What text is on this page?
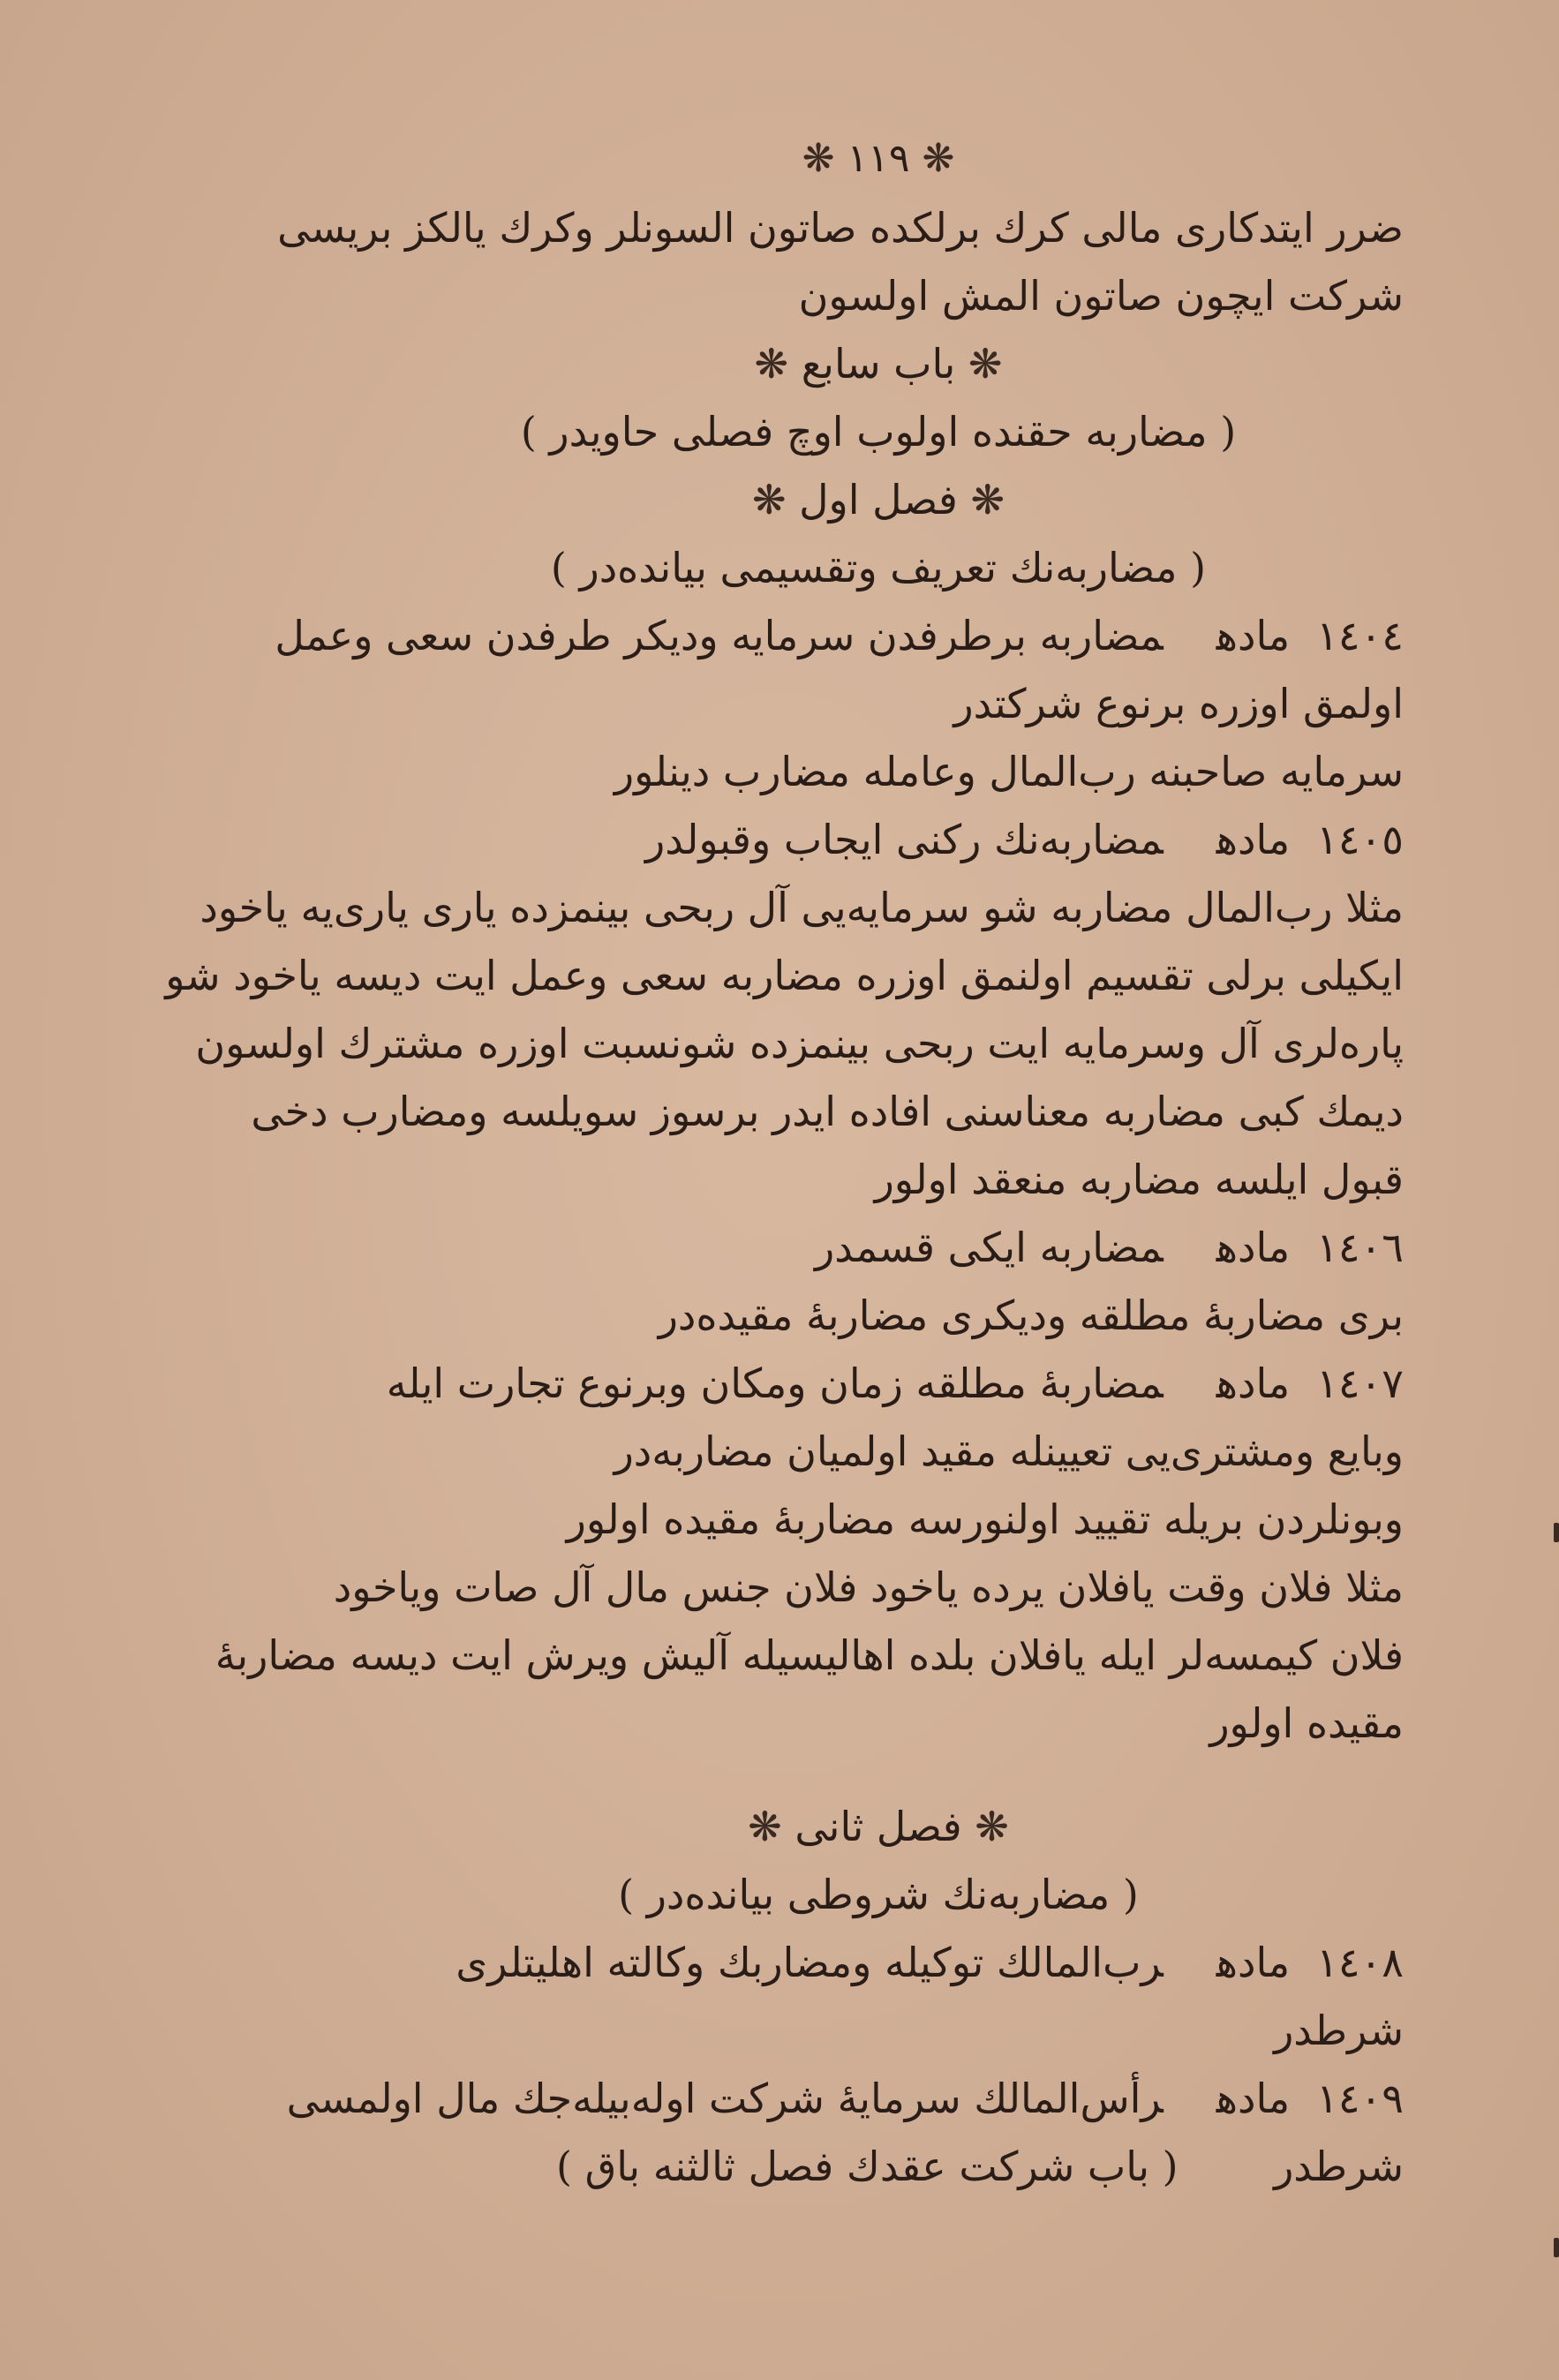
❋ ۱۱۹ ❋
ضرر ایتدكاری مالی كرك برلكده صاتون السونلر وكرك يالكز بريسی
شركت ايچون صاتون المش اولسون
❋ باب سابع ❋
( مضاربه حقنده اولوب اوچ فصلی حاويدر )
❋ فصل اول ❋
( مضاربه‌نك تعريف وتقسيمی بيانده‌در )
۱٤۰٤مادهمضاربه برطرفدن سرمايه وديكر طرفدن سعی وعمل
اولمق اوزره برنوع شركتدر
سرمايه صاحبنه رب‌المال وعامله مضارب دينلور
۱٤۰٥مادهمضاربه‌نك ركنی ايجاب وقبولدر
مثلا رب‌المال مضاربه شو سرمايه‌يی آل ربحی بينمزده ياری ياری‌يه ياخود
ايكيلی برلی تقسيم اولنمق اوزره مضاربه سعی وعمل ايت ديسه ياخود شو
پاره‌لری آل وسرمايه ايت ربحی بينمزده شونسبت اوزره مشترك اولسون
ديمك كبی مضاربه معناسنی افاده ايدر برسوز سويلسه ومضارب دخی
قبول ايلسه مضاربه منعقد اولور
۱٤۰٦مادهمضاربه ايكی قسمدر
بری مضاربهٔ مطلقه وديكری مضاربهٔ مقيده‌در
۱٤۰۷مادهمضاربهٔ مطلقه زمان ومكان وبرنوع تجارت ايله
وبايع ومشتری‌يی تعيينله مقيد اولميان مضاربه‌در
وبونلردن بريله تقييد اولنورسه مضاربهٔ مقيده اولور
مثلا فلان وقت يافلان يرده ياخود فلان جنس مال آل صات وياخود
فلان كيمسه‌لر ايله يافلان بلده اهاليسيله آليش ويرش ايت ديسه مضاربهٔ
مقيده اولور
❋ فصل ثانی ❋
( مضاربه‌نك شروطی بيانده‌در )
۱٤۰۸مادهرب‌المالك توكيله ومضاربك وكالته اهليتلری
شرطدر
۱٤۰۹مادهرأس‌المالك سرمايهٔ شركت اوله‌بيله‌جك مال اولمسی
شرطدر
( باب شركت عقدك فصل ثالثنه باق )
